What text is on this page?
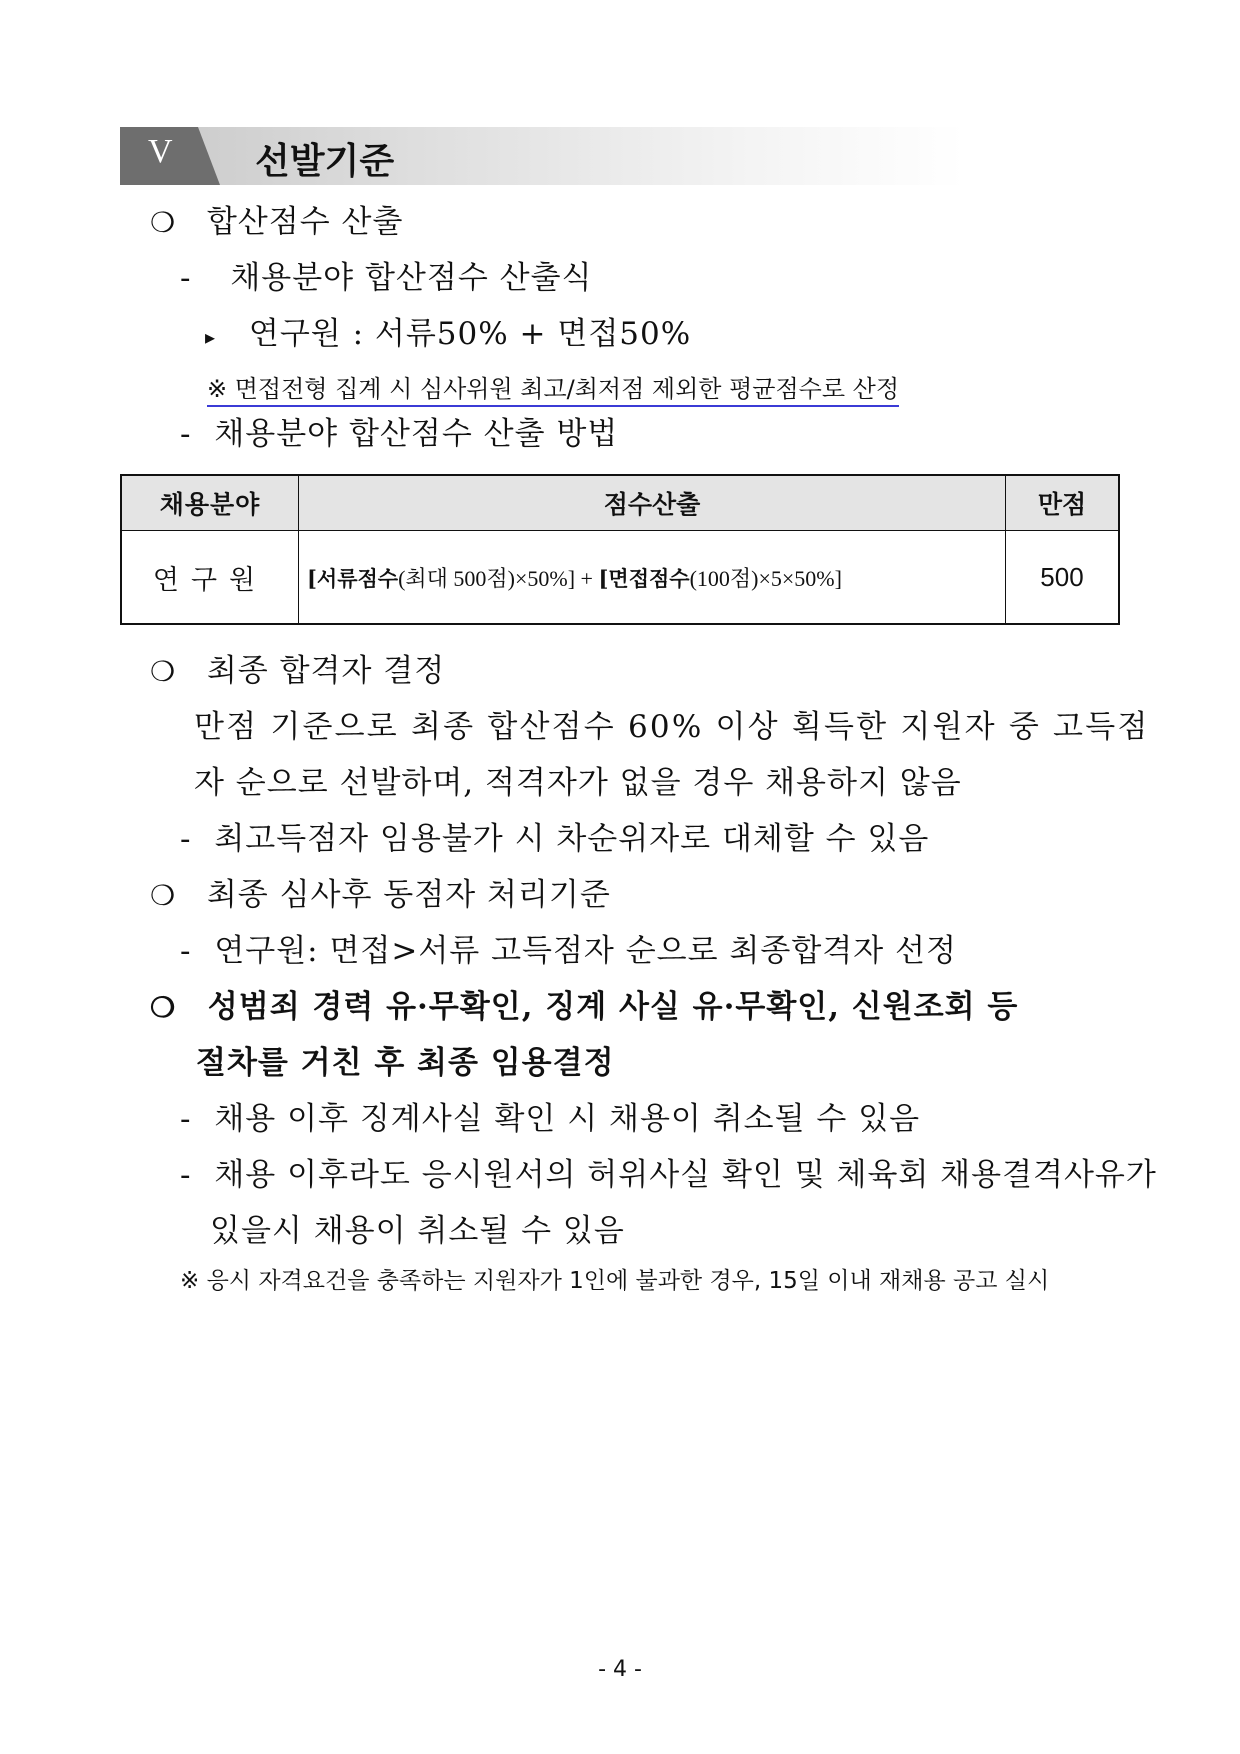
V 선발기준
❍ 합산점수 산출
- 채용분야 합산점수 산출식
▸ 연구원 : 서류50% + 면접50%
※ 면접전형 집계 시 심사위원 최고/최저점 제외한 평균점수로 산정
- 채용분야 합산점수 산출 방법
채용분야	점수산출	만점
연구원	[서류점수(최대 500점)×50%] + [면접점수(100점)×5×50%]	500
❍ 최종 합격자 결정
만점 기준으로 최종 합산점수 60% 이상 획득한 지원자 중 고득점
자 순으로 선발하며, 적격자가 없을 경우 채용하지 않음
- 최고득점자 임용불가 시 차순위자로 대체할 수 있음
❍ 최종 심사후 동점자 처리기준
- 연구원: 면접>서류 고득점자 순으로 최종합격자 선정
❍ 성범죄 경력 유·무확인, 징계 사실 유·무확인, 신원조회 등
절차를 거친 후 최종 임용결정
- 채용 이후 징계사실 확인 시 채용이 취소될 수 있음
- 채용 이후라도 응시원서의 허위사실 확인 및 체육회 채용결격사유가
있을시 채용이 취소될 수 있음
※ 응시 자격요건을 충족하는 지원자가 1인에 불과한 경우, 15일 이내 재채용 공고 실시
- 4 -
